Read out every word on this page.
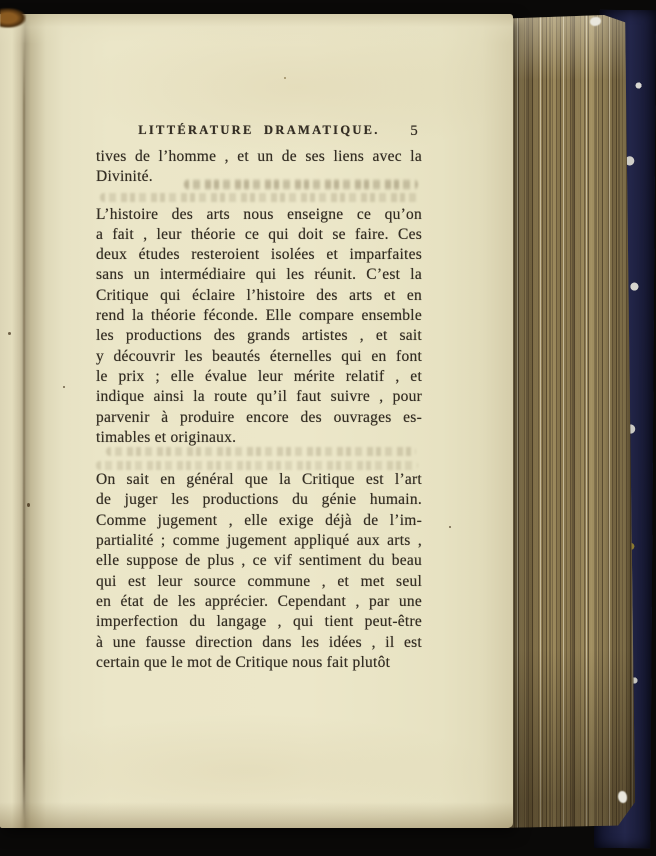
LITTÉRATURE DRAMATIQUE. 5
tives de l’homme , et un de ses liens avec la
Divinité.
L’histoire des arts nous enseigne ce qu’on
a fait , leur théorie ce qui doit se faire. Ces
deux études resteroient isolées et imparfaites
sans un intermédiaire qui les réunit. C’est la
Critique qui éclaire l’histoire des arts et en
rend la théorie féconde. Elle compare ensemble
les productions des grands artistes , et sait
y découvrir les beautés éternelles qui en font
le prix ; elle évalue leur mérite relatif , et
indique ainsi la route qu’il faut suivre , pour
parvenir à produire encore des ouvrages es-
timables et originaux.
On sait en général que la Critique est l’art
de juger les productions du génie humain.
Comme jugement , elle exige déjà de l’im-
partialité ; comme jugement appliqué aux arts ,
elle suppose de plus , ce vif sentiment du beau
qui est leur source commune , et met seul
en état de les apprécier. Cependant , par une
imperfection du langage , qui tient peut-être
à une fausse direction dans les idées , il est
certain que le mot de Critique nous fait plutôt
